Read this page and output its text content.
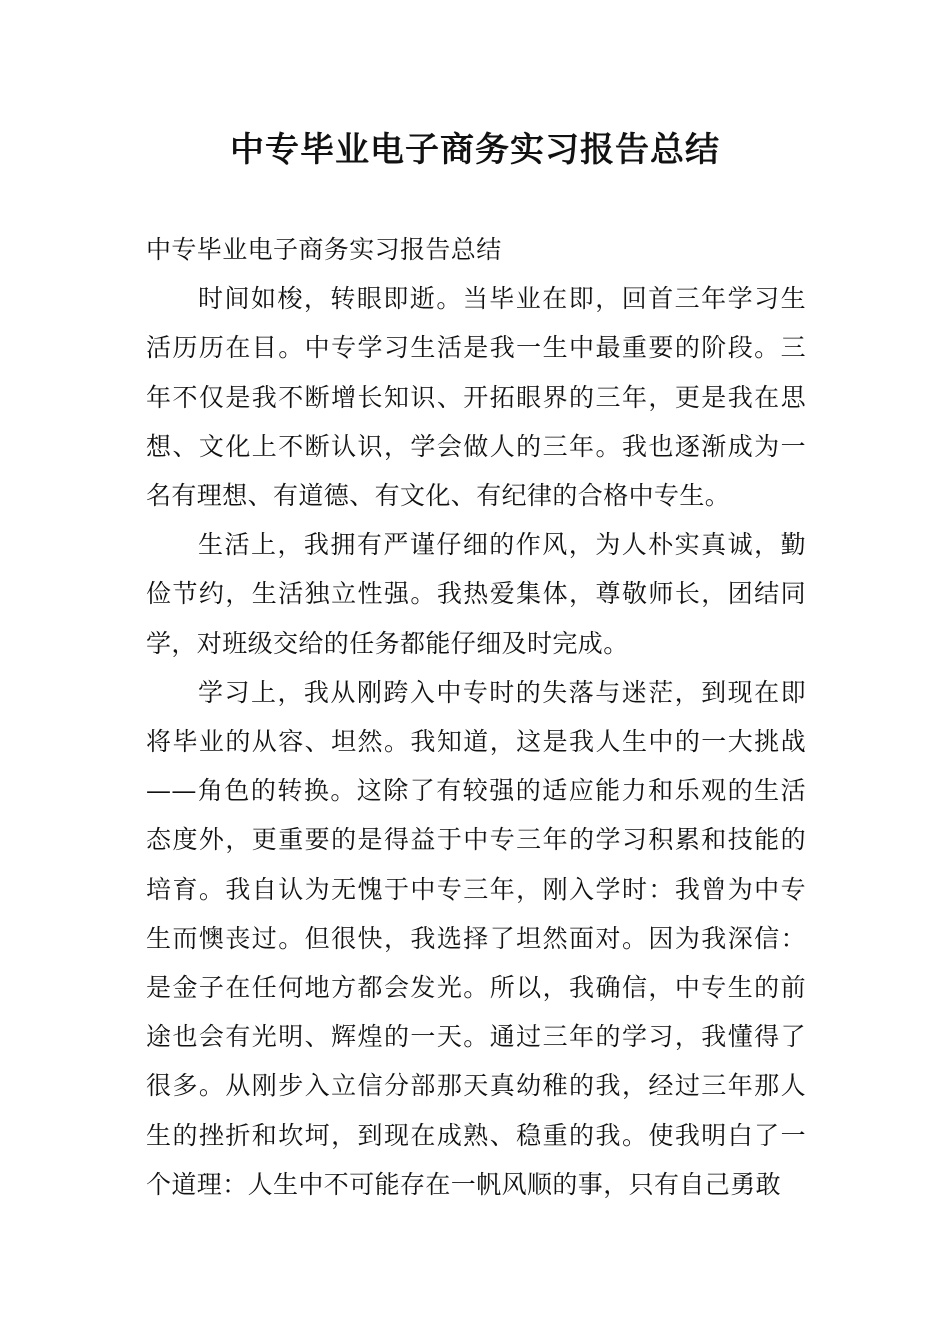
中专毕业电子商务实习报告总结

中专毕业电子商务实习报告总结

时间如梭，转眼即逝。当毕业在即，回首三年学习生活历历在目。中专学习生活是我一生中最重要的阶段。三年不仅是我不断增长知识、开拓眼界的三年，更是我在思想、文化上不断认识，学会做人的三年。我也逐渐成为一名有理想、有道德、有文化、有纪律的合格中专生。

生活上，我拥有严谨仔细的作风，为人朴实真诚，勤俭节约，生活独立性强。我热爱集体，尊敬师长，团结同学，对班级交给的任务都能仔细及时完成。

学习上，我从刚跨入中专时的失落与迷茫，到现在即将毕业的从容、坦然。我知道，这是我人生中的一大挑战——角色的转换。这除了有较强的适应能力和乐观的生活态度外，更重要的是得益于中专三年的学习积累和技能的培育。我自认为无愧于中专三年，刚入学时：我曾为中专生而懊丧过。但很快，我选择了坦然面对。因为我深信：是金子在任何地方都会发光。所以，我确信，中专生的前途也会有光明、辉煌的一天。通过三年的学习，我懂得了很多。从刚步入立信分部那天真幼稚的我，经过三年那人生的挫折和坎坷，到现在成熟、稳重的我。使我明白了一个道理：人生中不可能存在一帆风顺的事，只有自己勇敢
